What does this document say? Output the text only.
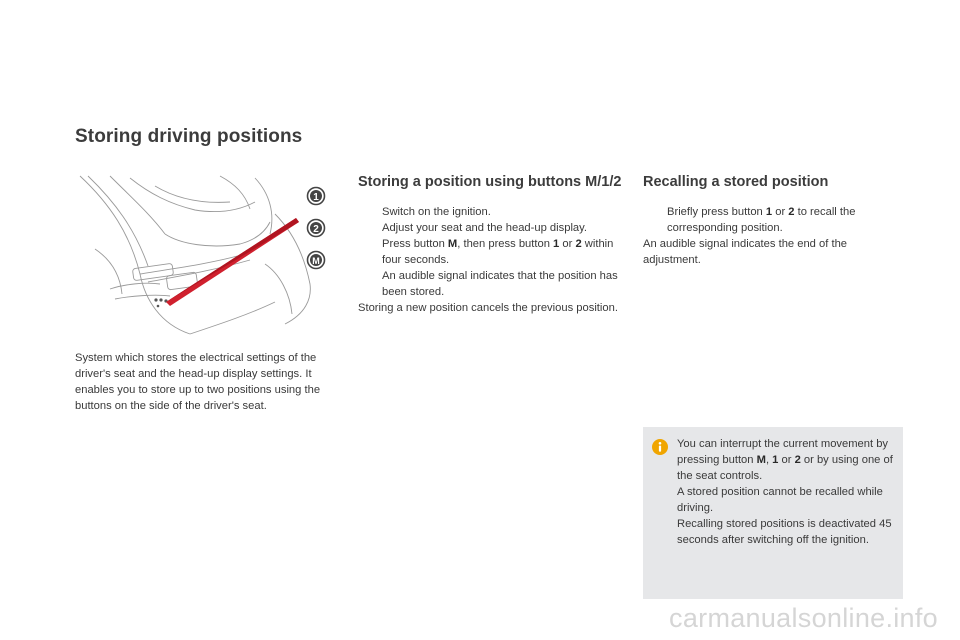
Storing driving positions
1
2
M

System which stores the electrical settings of the driver's seat and the head-up display settings. It enables you to store up to two positions using the buttons on the side of the driver's seat.

Storing a position using buttons M/1/2
Switch on the ignition.
Adjust your seat and the head-up display.
Press button M, then press button 1 or 2 within four seconds.
An audible signal indicates that the position has been stored.

Storing a new position cancels the previous position.

Recalling a stored position
Briefly press button 1 or 2 to recall the corresponding position.

An audible signal indicates the end of the adjustment.

You can interrupt the current movement by pressing button M, 1 or 2 or by using one of the seat controls.
A stored position cannot be recalled while driving.
Recalling stored positions is deactivated 45 seconds after switching off the ignition.
carmanualsonline.info
